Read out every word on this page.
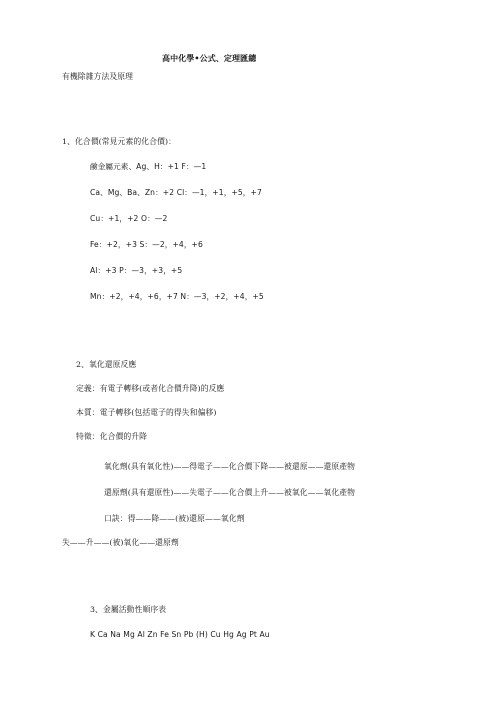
高中化學•公式、定理匯總
有機除雜方法及原理
1、化合價(常見元素的化合價)：
鹼金屬元素、Ag、H：+1 F：—1
Ca、Mg、Ba、Zn：+2 Cl：—1，+1，+5，+7
Cu：+1，+2 O：—2
Fe：+2，+3 S：—2，+4，+6
Al：+3 P：—3，+3，+5
Mn：+2，+4，+6，+7 N：—3，+2，+4，+5
2、氧化還原反應
定義：有電子轉移(或者化合價升降)的反應
本質：電子轉移(包括電子的得失和偏移)
特徵：化合價的升降
氧化劑(具有氧化性)——得電子——化合價下降——被還原——還原產物
還原劑(具有還原性)——失電子——化合價上升——被氧化——氧化產物
口訣：得——降——(被)還原——氧化劑
失——升——(被)氧化——還原劑
3、金屬活動性順序表
K Ca Na Mg Al Zn Fe Sn Pb (H) Cu Hg Ag Pt Au
